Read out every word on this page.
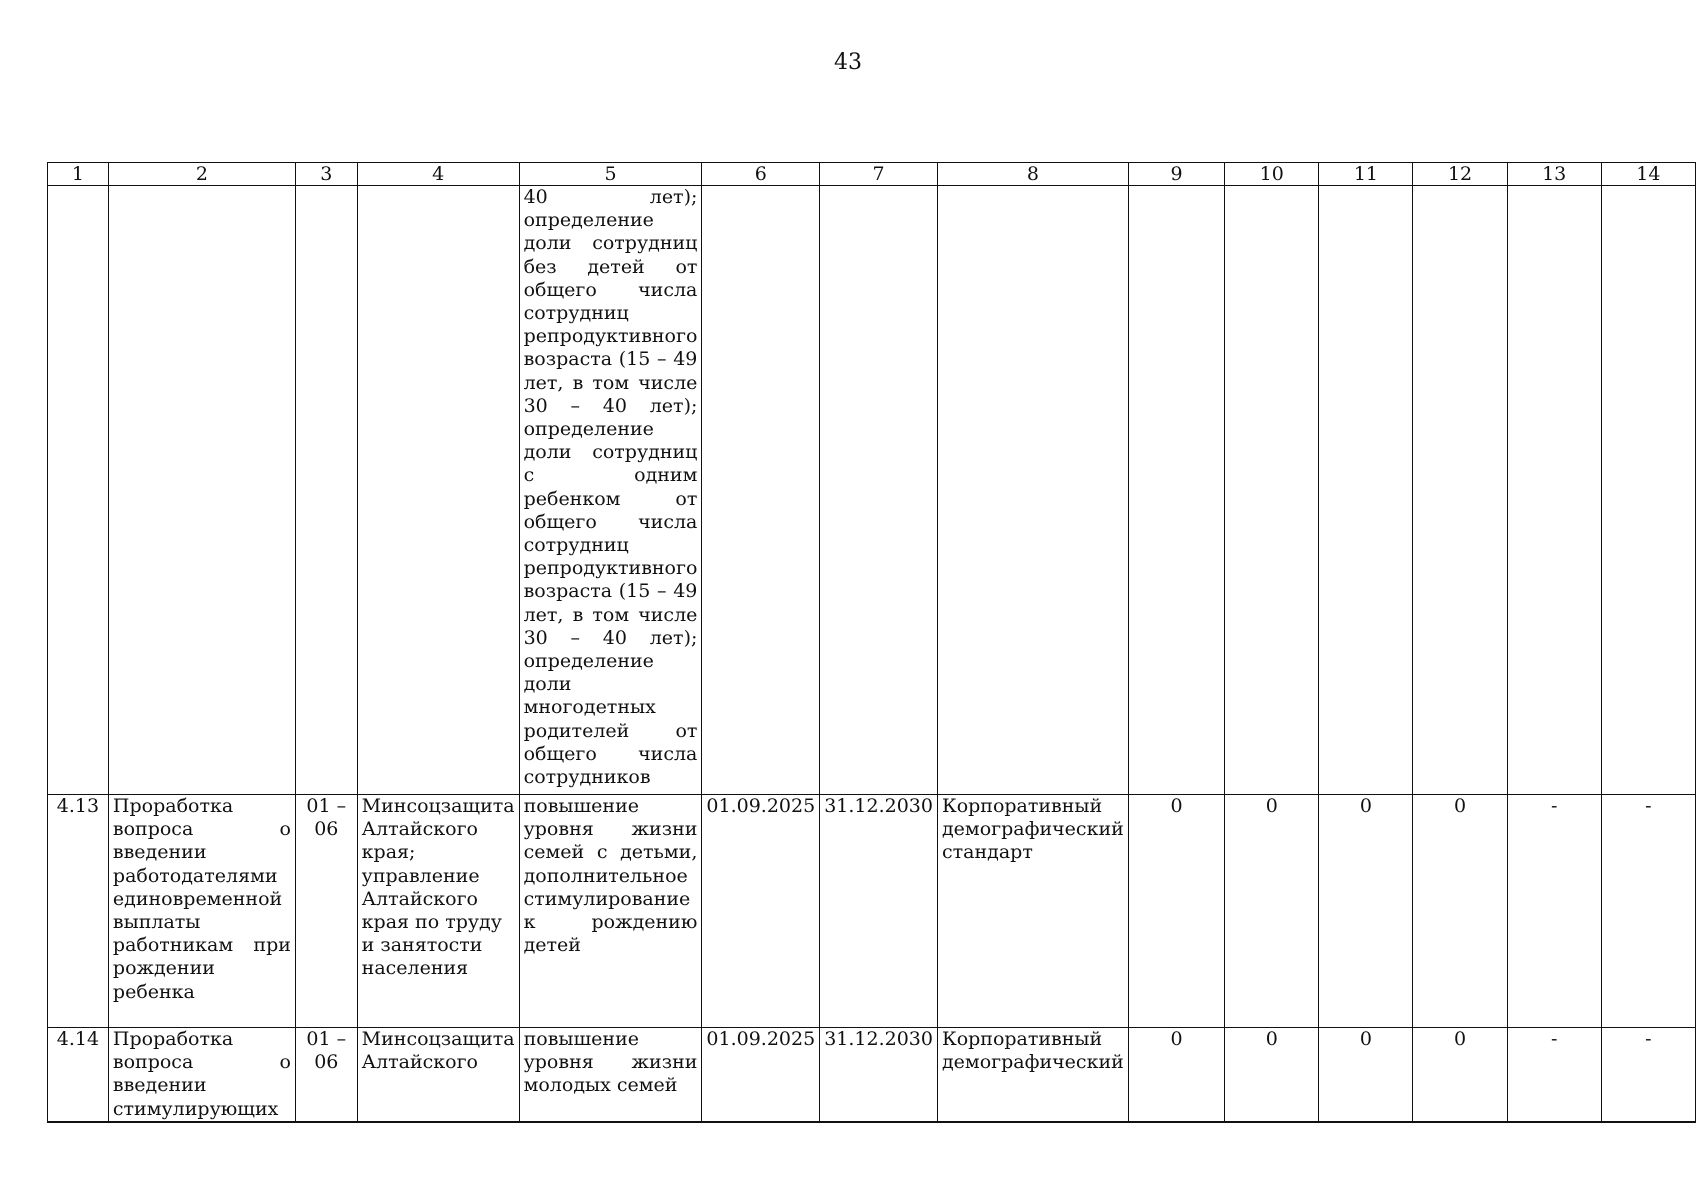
43
1	2	3	4	5	6	7	8	9	10	11	12	13	14
				40 лет); определение доли сотрудниц без детей от общего числа сотрудниц репродуктивного возраста (15 – 49 лет, в том числе 30 – 40 лет); определение доли сотрудниц с одним ребенком от общего числа сотрудниц репродуктивного возраста (15 – 49 лет, в том числе 30 – 40 лет); определение доли многодетных родителей от общего числа сотрудников									
4.13	Проработка вопроса о введении работодателями единовременной выплаты работникам при рождении ребенка	01 – 06	Минсоцзащита Алтайского края; управление Алтайского края по труду и занятости населения	повышение уровня жизни семей с детьми, дополнительное стимулирование к рождению детей	01.09.2025	31.12.2030	Корпоративный демографический стандарт	0	0	0	0	-	-
4.14	Проработка вопроса о введении стимулирующих	01 – 06	Минсоцзащита Алтайского	повышение уровня жизни молодых семей	01.09.2025	31.12.2030	Корпоративный демографический	0	0	0	0	-	-
